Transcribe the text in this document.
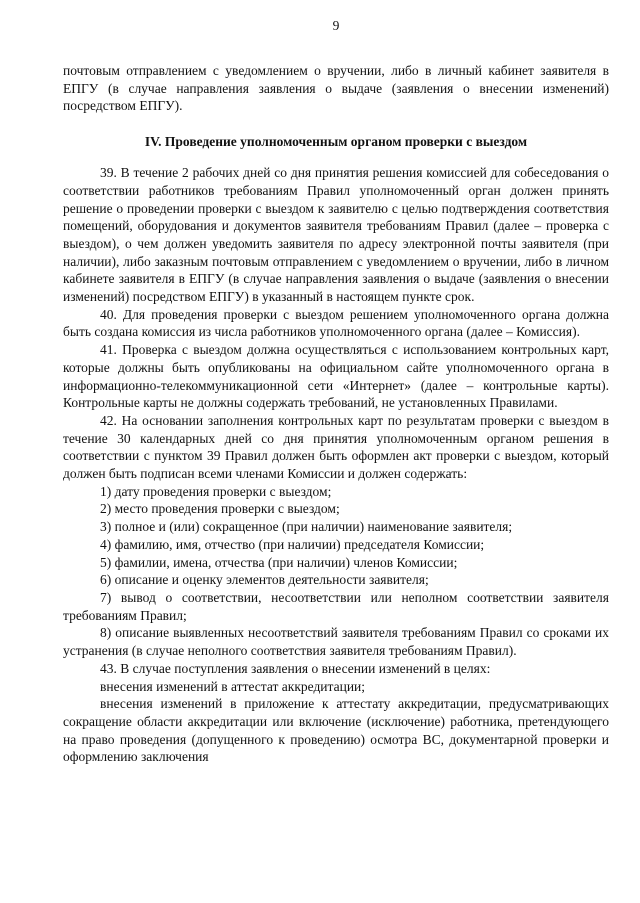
9

почтовым отправлением с уведомлением о вручении, либо в личный кабинет заявителя в ЕПГУ (в случае направления заявления о выдаче (заявления о внесении изменений) посредством ЕПГУ).

IV. Проведение уполномоченным органом проверки с выездом

39. В течение 2 рабочих дней со дня принятия решения комиссией для собеседования о соответствии работников требованиям Правил уполномоченный орган должен принять решение о проведении проверки с выездом к заявителю с целью подтверждения соответствия помещений, оборудования и документов заявителя требованиям Правил (далее – проверка с выездом), о чем должен уведомить заявителя по адресу электронной почты заявителя (при наличии), либо заказным почтовым отправлением с уведомлением о вручении, либо в личном кабинете заявителя в ЕПГУ (в случае направления заявления о выдаче (заявления о внесении изменений) посредством ЕПГУ) в указанный в настоящем пункте срок.

40. Для проведения проверки с выездом решением уполномоченного органа должна быть создана комиссия из числа работников уполномоченного органа (далее – Комиссия).

41. Проверка с выездом должна осуществляться с использованием контрольных карт, которые должны быть опубликованы на официальном сайте уполномоченного органа в информационно-телекоммуникационной сети «Интернет» (далее – контрольные карты). Контрольные карты не должны содержать требований, не установленных Правилами.

42. На основании заполнения контрольных карт по результатам проверки с выездом в течение 30 календарных дней со дня принятия уполномоченным органом решения в соответствии с пунктом 39 Правил должен быть оформлен акт проверки с выездом, который должен быть подписан всеми членами Комиссии и должен содержать:

1) дату проведения проверки с выездом;

2) место проведения проверки с выездом;

3) полное и (или) сокращенное (при наличии) наименование заявителя;

4) фамилию, имя, отчество (при наличии) председателя Комиссии;

5) фамилии, имена, отчества (при наличии) членов Комиссии;

6) описание и оценку элементов деятельности заявителя;

7) вывод о соответствии, несоответствии или неполном соответствии заявителя требованиям Правил;

8) описание выявленных несоответствий заявителя требованиям Правил со сроками их устранения (в случае неполного соответствия заявителя требованиям Правил).

43. В случае поступления заявления о внесении изменений в целях:

внесения изменений в аттестат аккредитации;

внесения изменений в приложение к аттестату аккредитации, предусматривающих сокращение области аккредитации или включение (исключение) работника, претендующего на право проведения (допущенного к проведению) осмотра ВС, документарной проверки и оформлению заключения
